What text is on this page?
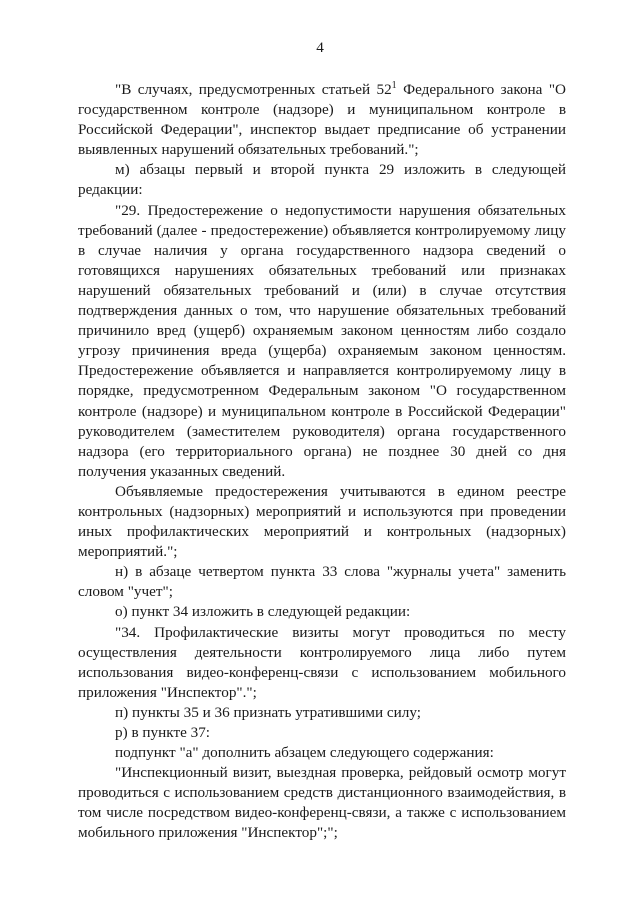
4

"В случаях, предусмотренных статьей $52^1$ Федерального закона "О государственном контроле (надзоре) и муниципальном контроле в Российской Федерации", инспектор выдает предписание об устранении выявленных нарушений обязательных требований.";

м) абзацы первый и второй пункта 29 изложить в следующей редакции:

"29. Предостережение о недопустимости нарушения обязательных требований (далее - предостережение) объявляется контролируемому лицу в случае наличия у органа государственного надзора сведений о готовящихся нарушениях обязательных требований или признаках нарушений обязательных требований и (или) в случае отсутствия подтверждения данных о том, что нарушение обязательных требований причинило вред (ущерб) охраняемым законом ценностям либо создало угрозу причинения вреда (ущерба) охраняемым законом ценностям. Предостережение объявляется и направляется контролируемому лицу в порядке, предусмотренном Федеральным законом "О государственном контроле (надзоре) и муниципальном контроле в Российской Федерации" руководителем (заместителем руководителя) органа государственного надзора (его территориального органа) не позднее 30 дней со дня получения указанных сведений.

Объявляемые предостережения учитываются в едином реестре контрольных (надзорных) мероприятий и используются при проведении иных профилактических мероприятий и контрольных (надзорных) мероприятий.";

н) в абзаце четвертом пункта 33 слова "журналы учета" заменить словом "учет";

о) пункт 34 изложить в следующей редакции:

"34. Профилактические визиты могут проводиться по месту осуществления деятельности контролируемого лица либо путем использования видео-конференц-связи с использованием мобильного приложения "Инспектор".";

п) пункты 35 и 36 признать утратившими силу;

р) в пункте 37:

подпункт "а" дополнить абзацем следующего содержания:

"Инспекционный визит, выездная проверка, рейдовый осмотр могут проводиться с использованием средств дистанционного взаимодействия, в том числе посредством видео-конференц-связи, а также с использованием мобильного приложения "Инспектор";";
